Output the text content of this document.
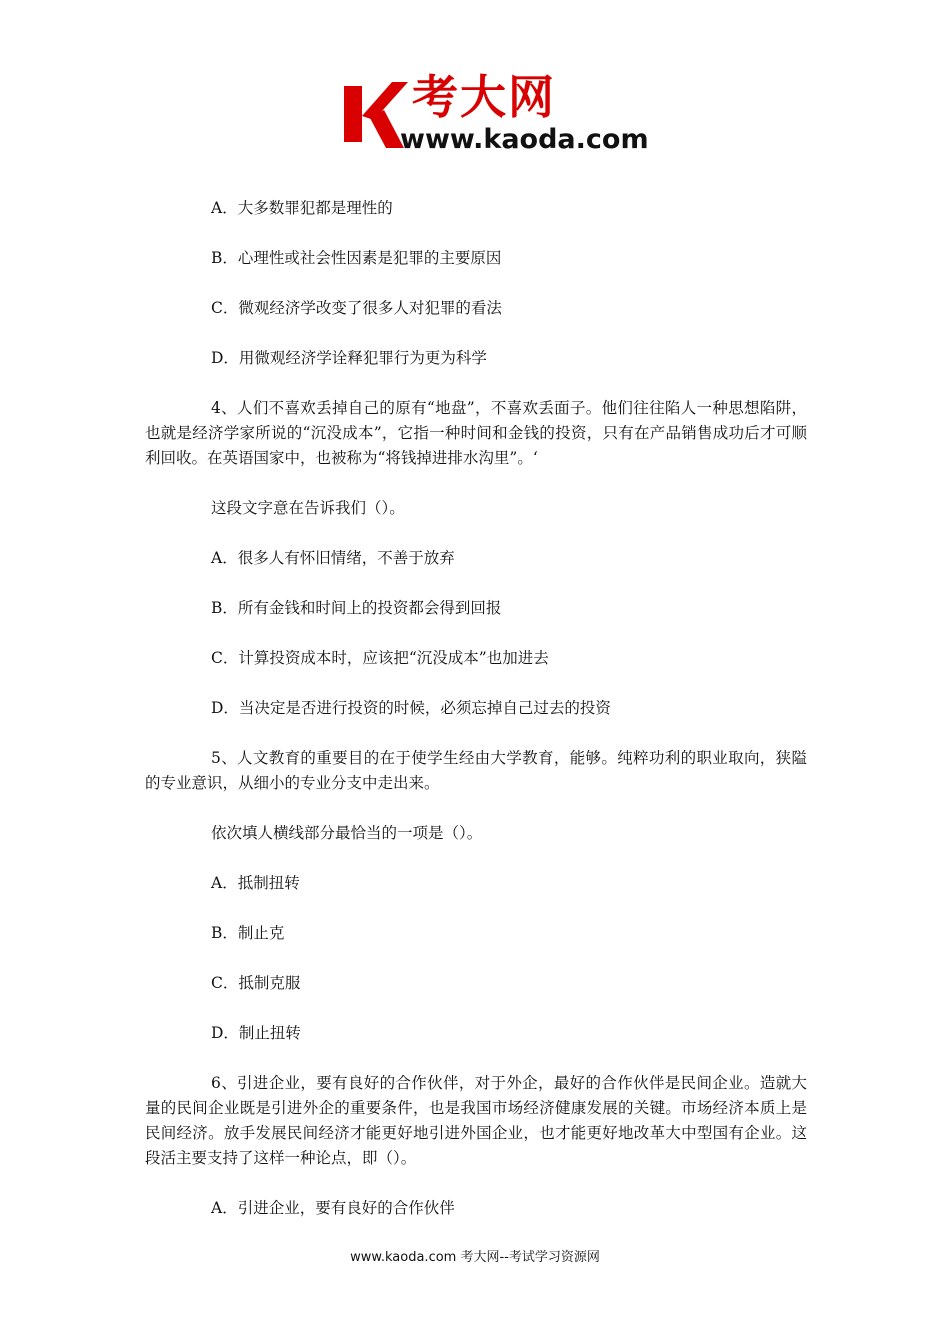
考大网
www.kaoda.com

A．大多数罪犯都是理性的

B．心理性或社会性因素是犯罪的主要原因

C．微观经济学改变了很多人对犯罪的看法

D．用微观经济学诠释犯罪行为更为科学

4、人们不喜欢丢掉自己的原有“地盘”，不喜欢丢面子。他们往往陷人一种思想陷阱，也就是经济学家所说的“沉没成本”，它指一种时间和金钱的投资，只有在产品销售成功后才可顺利回收。在英语国家中，也被称为“将钱掉进排水沟里”。‘

这段文字意在告诉我们（）。

A．很多人有怀旧情绪，不善于放弃

B．所有金钱和时间上的投资都会得到回报

C．计算投资成本时，应该把“沉没成本”也加进去

D．当决定是否进行投资的时候，必须忘掉自己过去的投资

5、人文教育的重要目的在于使学生经由大学教育，能够。纯粹功利的职业取向，狭隘的专业意识，从细小的专业分支中走出来。

依次填人横线部分最恰当的一项是（）。

A．抵制扭转

B．制止克

C．抵制克服

D．制止扭转

6、引进企业，要有良好的合作伙伴，对于外企，最好的合作伙伴是民间企业。造就大量的民间企业既是引进外企的重要条件，也是我国市场经济健康发展的关键。市场经济本质上是民间经济。放手发展民间经济才能更好地引进外国企业，也才能更好地改革大中型国有企业。这段活主要支持了这样一种论点，即（）。

A．引进企业，要有良好的合作伙伴

www.kaoda.com 考大网--考试学习资源网
